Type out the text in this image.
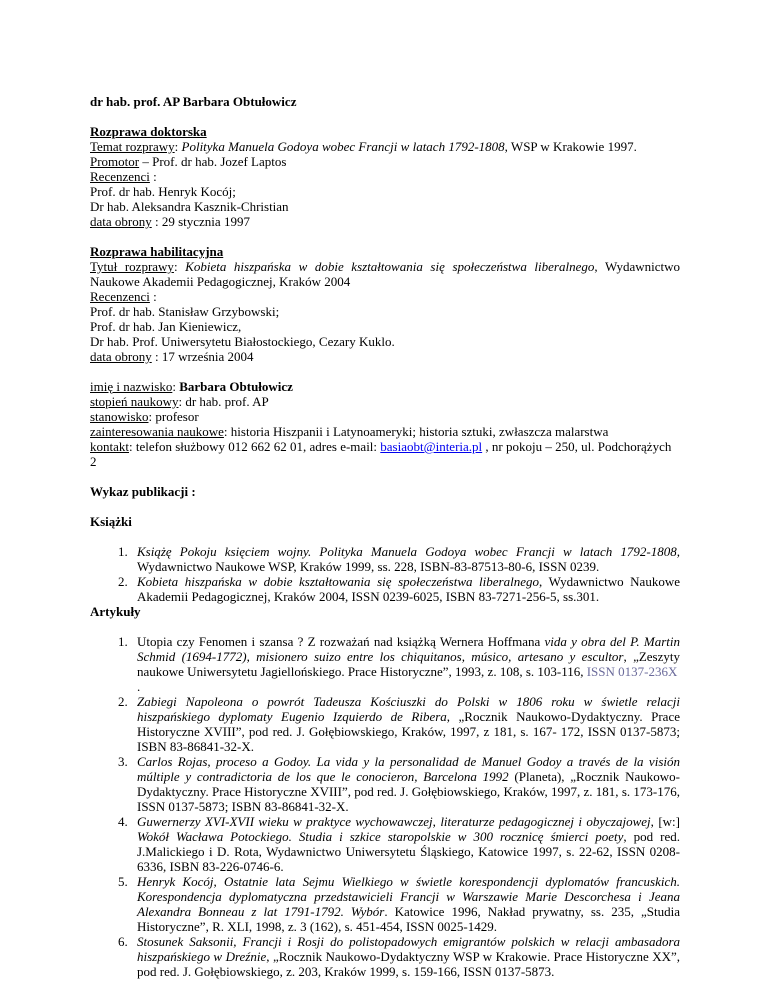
dr hab. prof. AP Barbara Obtułowicz

Rozprawa doktorska

Temat rozprawy: Polityka Manuela Godoya wobec Francji w latach 1792-1808, WSP w Krakowie 1997.

Promotor – Prof. dr hab. Jozef Laptos

Recenzenci :

Prof. dr hab. Henryk Kocój;

Dr hab. Aleksandra Kasznik-Christian

data obrony : 29 stycznia 1997

Rozprawa habilitacyjna

Tytuł rozprawy: Kobieta hiszpańska w dobie kształtowania się społeczeństwa liberalnego, Wydawnictwo Naukowe Akademii Pedagogicznej, Kraków 2004

Recenzenci :

Prof. dr hab. Stanisław Grzybowski;

Prof. dr hab. Jan Kieniewicz,

Dr hab. Prof. Uniwersytetu Białostockiego, Cezary Kuklo.

data obrony : 17 września 2004

imię i nazwisko: Barbara Obtułowicz

stopień naukowy: dr hab. prof. AP

stanowisko: profesor

zainteresowania naukowe: historia Hiszpanii i Latynoameryki; historia sztuki, zwłaszcza malarstwa

kontakt: telefon służbowy 012 662 62 01, adres e-mail: basiaobt@interia.pl , nr pokoju – 250, ul. Podchorążych 2

Wykaz publikacji :

Książki

1. Książę Pokoju księciem wojny. Polityka Manuela Godoya wobec Francji w latach 1792-1808, Wydawnictwo Naukowe WSP, Kraków 1999, ss. 228, ISBN-83-87513-80-6, ISSN 0239.
2. Kobieta hiszpańska w dobie kształtowania się społeczeństwa liberalnego, Wydawnictwo Naukowe Akademii Pedagogicznej, Kraków 2004, ISSN 0239-6025, ISBN 83-7271-256-5, ss.301.

Artykuły

1. Utopia czy Fenomen i szansa ? Z rozważań nad książką Wernera Hoffmana vida y obra del P. Martin Schmid (1694-1772), misionero suizo entre los chiquitanos, músico, artesano y escultor, „Zeszyty naukowe Uniwersytetu Jagiellońskiego. Prace Historyczne”, 1993, z. 108, s. 103-116, ISSN 0137-236X
.
2. Zabiegi Napoleona o powrót Tadeusza Kościuszki do Polski w 1806 roku w świetle relacji hiszpańskiego dyplomaty Eugenio Izquierdo de Ribera, „Rocznik Naukowo-Dydaktyczny. Prace Historyczne XVIII”, pod red. J. Gołębiowskiego, Kraków, 1997, z 181, s. 167- 172, ISSN 0137-5873; ISBN 83-86841-32-X.
3. Carlos Rojas, proceso a Godoy. La vida y la personalidad de Manuel Godoy a través de la visión múltiple y contradictoria de los que le conocieron, Barcelona 1992 (Planeta), „Rocznik Naukowo-Dydaktyczny. Prace Historyczne XVIII”, pod red. J. Gołębiowskiego, Kraków, 1997, z. 181, s. 173-176, ISSN 0137-5873; ISBN 83-86841-32-X.
4. Guwernerzy XVI-XVII wieku w praktyce wychowawczej, literaturze pedagogicznej i obyczajowej, [w:] Wokół Wacława Potockiego. Studia i szkice staropolskie w 300 rocznicę śmierci poety, pod red. J.Malickiego i D. Rota, Wydawnictwo Uniwersytetu Śląskiego, Katowice 1997, s. 22-62, ISSN 0208-6336, ISBN 83-226-0746-6.
5. Henryk Kocój, Ostatnie lata Sejmu Wielkiego w świetle korespondencji dyplomatów francuskich. Korespondencja dyplomatyczna przedstawicieli Francji w Warszawie Marie Descorchesa i Jeana Alexandra Bonneau z lat 1791-1792. Wybór. Katowice 1996, Nakład prywatny, ss. 235, „Studia Historyczne”, R. XLI, 1998, z. 3 (162), s. 451-454, ISSN 0025-1429.
6. Stosunek Saksonii, Francji i Rosji do polistopadowych emigrantów polskich w relacji ambasadora hiszpańskiego w Dreźnie, „Rocznik Naukowo-Dydaktyczny WSP w Krakowie. Prace Historyczne XX”, pod red. J. Gołębiowskiego, z. 203, Kraków 1999, s. 159-166, ISSN 0137-5873.
